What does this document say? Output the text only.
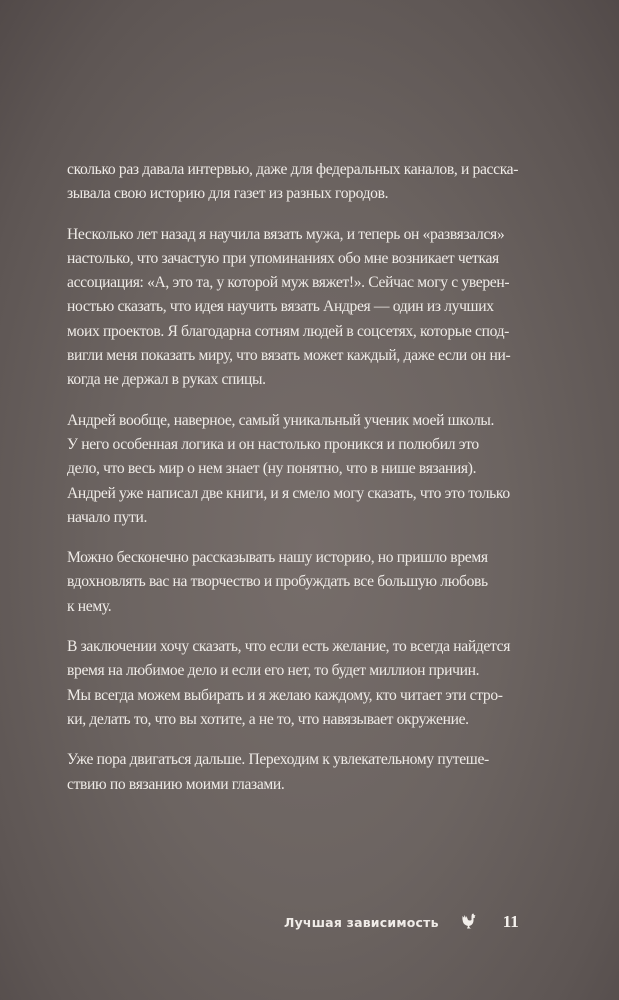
сколько раз давала интервью, даже для федеральных каналов, и расска-
зывала свою историю для газет из разных городов.
Несколько лет назад я научила вязать мужа, и теперь он «развязался»
настолько, что зачастую при упоминаниях обо мне возникает четкая
ассоциация: «А, это та, у которой муж вяжет!». Сейчас могу с уверен-
ностью сказать, что идея научить вязать Андрея — один из лучших
моих проектов. Я благодарна сотням людей в соцсетях, которые спод-
вигли меня показать миру, что вязать может каждый, даже если он ни-
когда не держал в руках спицы.
Андрей вообще, наверное, самый уникальный ученик моей школы.
У него особенная логика и он настолько проникся и полюбил это
дело, что весь мир о нем знает (ну понятно, что в нише вязания).
Андрей уже написал две книги, и я смело могу сказать, что это только
начало пути.
Можно бесконечно рассказывать нашу историю, но пришло время
вдохновлять вас на творчество и пробуждать все большую любовь
к нему.
В заключении хочу сказать, что если есть желание, то всегда найдется
время на любимое дело и если его нет, то будет миллион причин.
Мы всегда можем выбирать и я желаю каждому, кто читает эти стро-
ки, делать то, что вы хотите, а не то, что навязывает окружение.
Уже пора двигаться дальше. Переходим к увлекательному путеше-
ствию по вязанию моими глазами.
Лучшая зависимость	11
